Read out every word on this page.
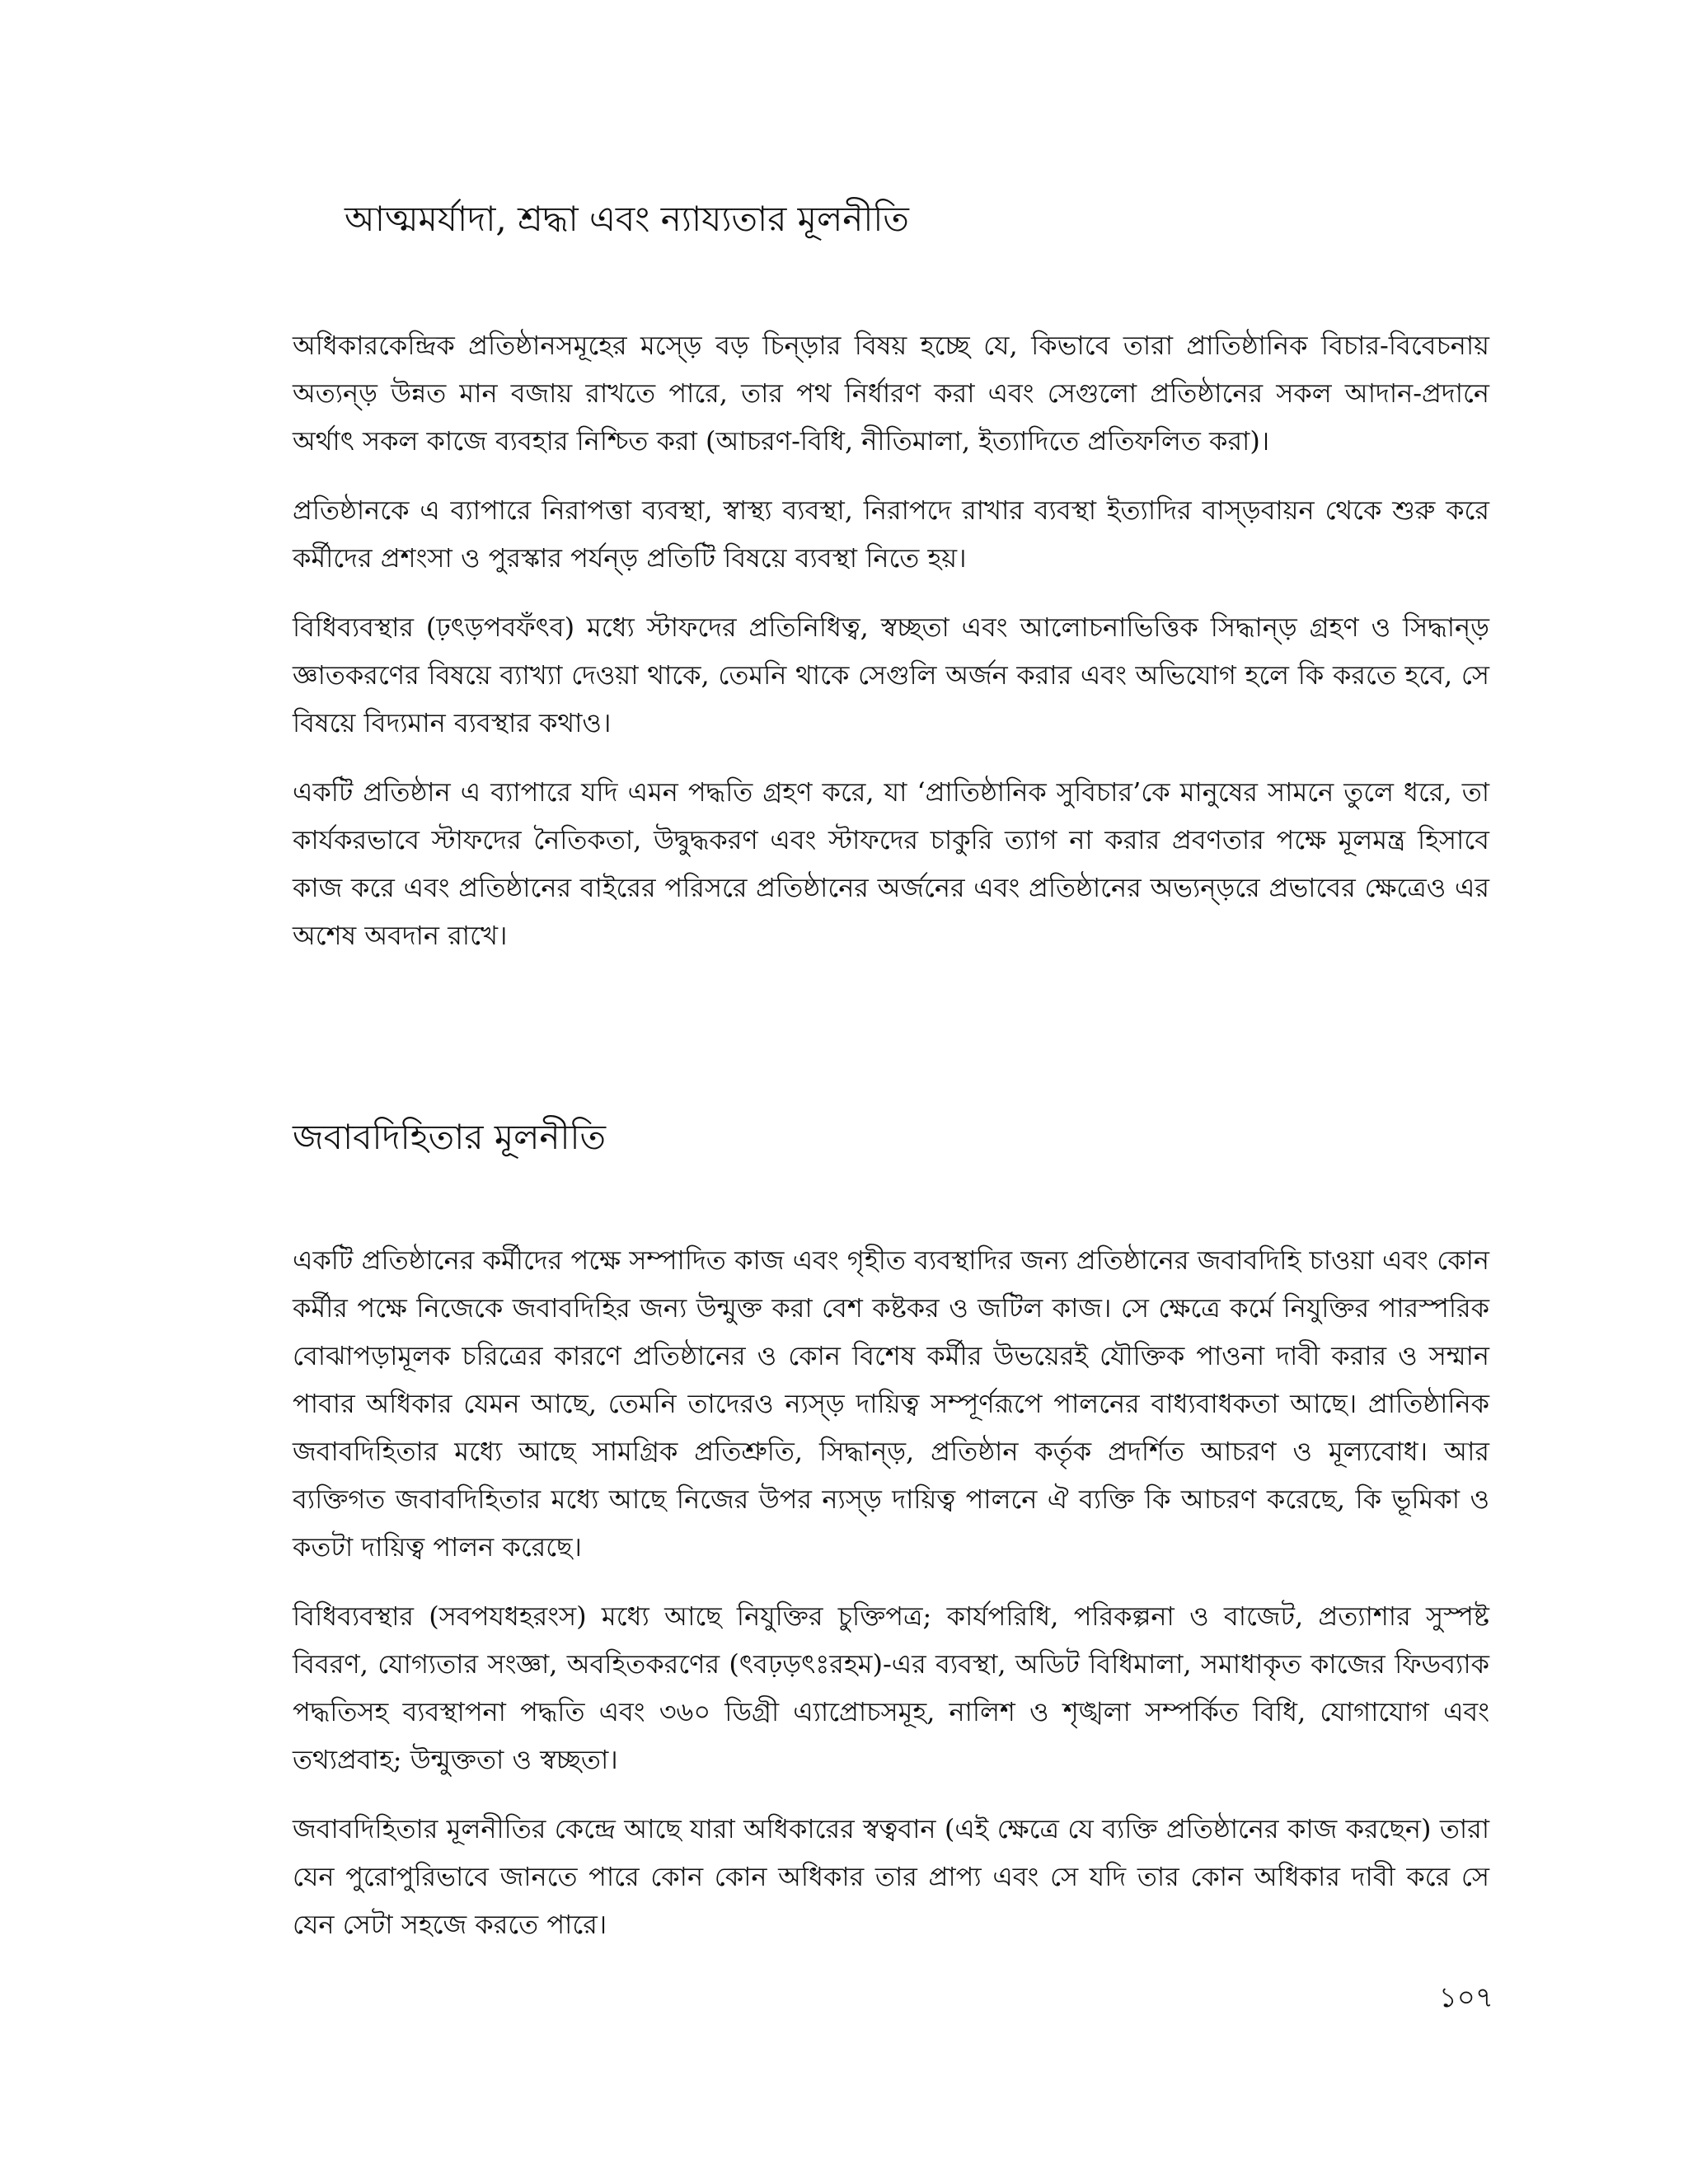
আত্মমর্যাদা, শ্রদ্ধা এবং ন্যায্যতার মূলনীতি

অধিকারকেন্দ্রিক প্রতিষ্ঠানসমূহের মস্ড়ে বড় চিন্ড়ার বিষয় হচ্ছে যে, কিভাবে তারা প্রাতিষ্ঠানিক বিচার-বিবেচনায় অত্যন্ড় উন্নত মান বজায় রাখতে পারে, তার পথ নির্ধারণ করা এবং সেগুলো প্রতিষ্ঠানের সকল আদান-প্রদানে অর্থাৎ সকল কাজে ব্যবহার নিশ্চিত করা (আচরণ-বিধি, নীতিমালা, ইত্যাদিতে প্রতিফলিত করা)।

প্রতিষ্ঠানকে এ ব্যাপারে নিরাপত্তা ব্যবস্থা, স্বাস্থ্য ব্যবস্থা, নিরাপদে রাখার ব্যবস্থা ইত্যাদির বাস্ড়বায়ন থেকে শুরু করে কর্মীদের প্রশংসা ও পুরস্কার পর্যন্ড় প্রতিটি বিষয়ে ব্যবস্থা নিতে হয়।

বিধিব্যবস্থার (ঢ়ৎড়পবফঁৎব) মধ্যে স্টাফদের প্রতিনিধিত্ব, স্বচ্ছতা এবং আলোচনাভিত্তিক সিদ্ধান্ড় গ্রহণ ও সিদ্ধান্ড় জ্ঞাতকরণের বিষয়ে ব্যাখ্যা দেওয়া থাকে, তেমনি থাকে সেগুলি অর্জন করার এবং অভিযোগ হলে কি করতে হবে, সে বিষয়ে বিদ্যমান ব্যবস্থার কথাও।

একটি প্রতিষ্ঠান এ ব্যাপারে যদি এমন পদ্ধতি গ্রহণ করে, যা ‘প্রাতিষ্ঠানিক সুবিচার’কে মানুষের সামনে তুলে ধরে, তা কার্যকরভাবে স্টাফদের নৈতিকতা, উদ্বুদ্ধকরণ এবং স্টাফদের চাকুরি ত্যাগ না করার প্রবণতার পক্ষে মূলমন্ত্র হিসাবে কাজ করে এবং প্রতিষ্ঠানের বাইরের পরিসরে প্রতিষ্ঠানের অর্জনের এবং প্রতিষ্ঠানের অভ্যন্ড়রে প্রভাবের ক্ষেত্রেও এর অশেষ অবদান রাখে।

জবাবদিহিতার মূলনীতি

একটি প্রতিষ্ঠানের কর্মীদের পক্ষে সম্পাদিত কাজ এবং গৃহীত ব্যবস্থাদির জন্য প্রতিষ্ঠানের জবাবদিহি চাওয়া এবং কোন কর্মীর পক্ষে নিজেকে জবাবদিহির জন্য উন্মুক্ত করা বেশ কষ্টকর ও জটিল কাজ। সে ক্ষেত্রে কর্মে নিযুক্তির পারস্পরিক বোঝাপড়ামূলক চরিত্রের কারণে প্রতিষ্ঠানের ও কোন বিশেষ কর্মীর উভয়েরই যৌক্তিক পাওনা দাবী করার ও সম্মান পাবার অধিকার যেমন আছে, তেমনি তাদেরও ন্যস্ড় দায়িত্ব সম্পূর্ণরূপে পালনের বাধ্যবাধকতা আছে। প্রাতিষ্ঠানিক জবাবদিহিতার মধ্যে আছে সামগ্রিক প্রতিশ্রুতি, সিদ্ধান্ড়, প্রতিষ্ঠান কর্তৃক প্রদর্শিত আচরণ ও মূল্যবোধ। আর ব্যক্তিগত জবাবদিহিতার মধ্যে আছে নিজের উপর ন্যস্ড় দায়িত্ব পালনে ঐ ব্যক্তি কি আচরণ করেছে, কি ভূমিকা ও কতটা দায়িত্ব পালন করেছে।

বিধিব্যবস্থার (সবপযধহরংস) মধ্যে আছে নিযুক্তির চুক্তিপত্র; কার্যপরিধি, পরিকল্পনা ও বাজেট, প্রত্যাশার সুস্পষ্ট বিবরণ, যোগ্যতার সংজ্ঞা, অবহিতকরণের (ৎবঢ়ড়ৎঃরহম)-এর ব্যবস্থা, অডিট বিধিমালা, সমাধাকৃত কাজের ফিডব্যাক পদ্ধতিসহ ব্যবস্থাপনা পদ্ধতি এবং ৩৬০ ডিগ্রী এ্যাপ্রোচসমূহ, নালিশ ও শৃঙ্খলা সম্পর্কিত বিধি, যোগাযোগ এবং তথ্যপ্রবাহ; উন্মুক্ততা ও স্বচ্ছতা।

জবাবদিহিতার মূলনীতির কেন্দ্রে আছে যারা অধিকারের স্বত্ববান (এই ক্ষেত্রে যে ব্যক্তি প্রতিষ্ঠানের কাজ করছেন) তারা যেন পুরোপুরিভাবে জানতে পারে কোন কোন অধিকার তার প্রাপ্য এবং সে যদি তার কোন অধিকার দাবী করে সে যেন সেটা সহজে করতে পারে।

১০৭
